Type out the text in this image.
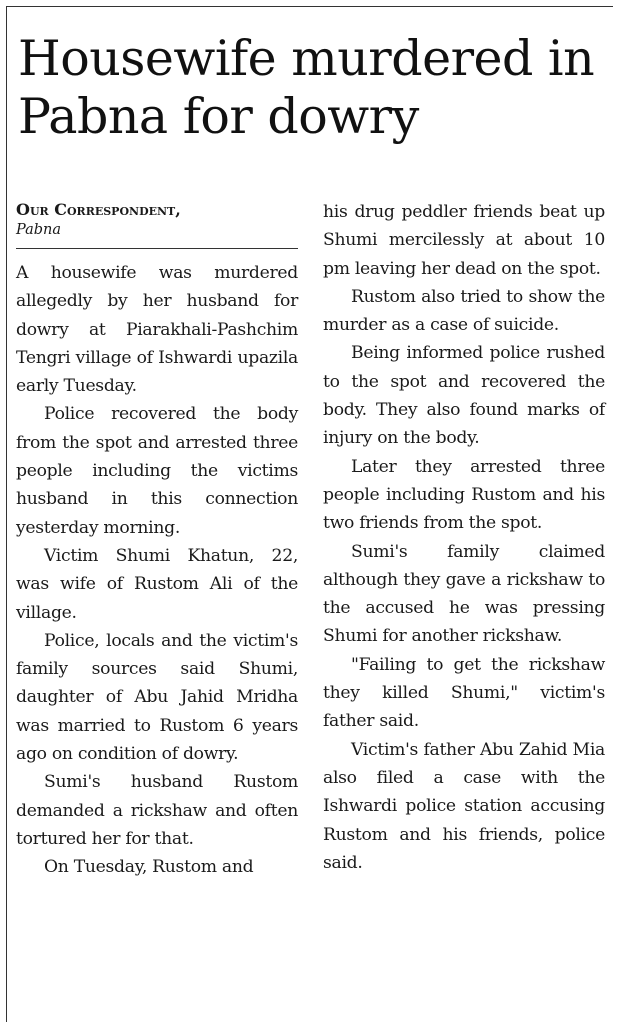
Housewife murdered in Pabna for dowry
Our Correspondent,
Pabna

A housewife was murdered allegedly by her husband for dowry at Piarakhali-Pashchim Tengri village of Ishwardi upazila early Tuesday.

Police recovered the body from the spot and arrested three people including the victims husband in this connection yesterday morning.

Victim Shumi Khatun, 22, was wife of Rustom Ali of the village.

Police, locals and the victim's family sources said Shumi, daughter of Abu Jahid Mridha was married to Rustom 6 years ago on condition of dowry.

Sumi's husband Rustom demanded a rickshaw and often tortured her for that.

On Tuesday, Rustom and

his drug peddler friends beat up Shumi mercilessly at about 10 pm leaving her dead on the spot.

Rustom also tried to show the murder as a case of suicide.

Being informed police rushed to the spot and recovered the body. They also found marks of injury on the body.

Later they arrested three people including Rustom and his two friends from the spot.

Sumi's family claimed although they gave a rickshaw to the accused he was pressing Shumi for another rickshaw.

"Failing to get the rickshaw they killed Shumi," victim's father said.

Victim's father Abu Zahid Mia also filed a case with the Ishwardi police station accusing Rustom and his friends, police said.
